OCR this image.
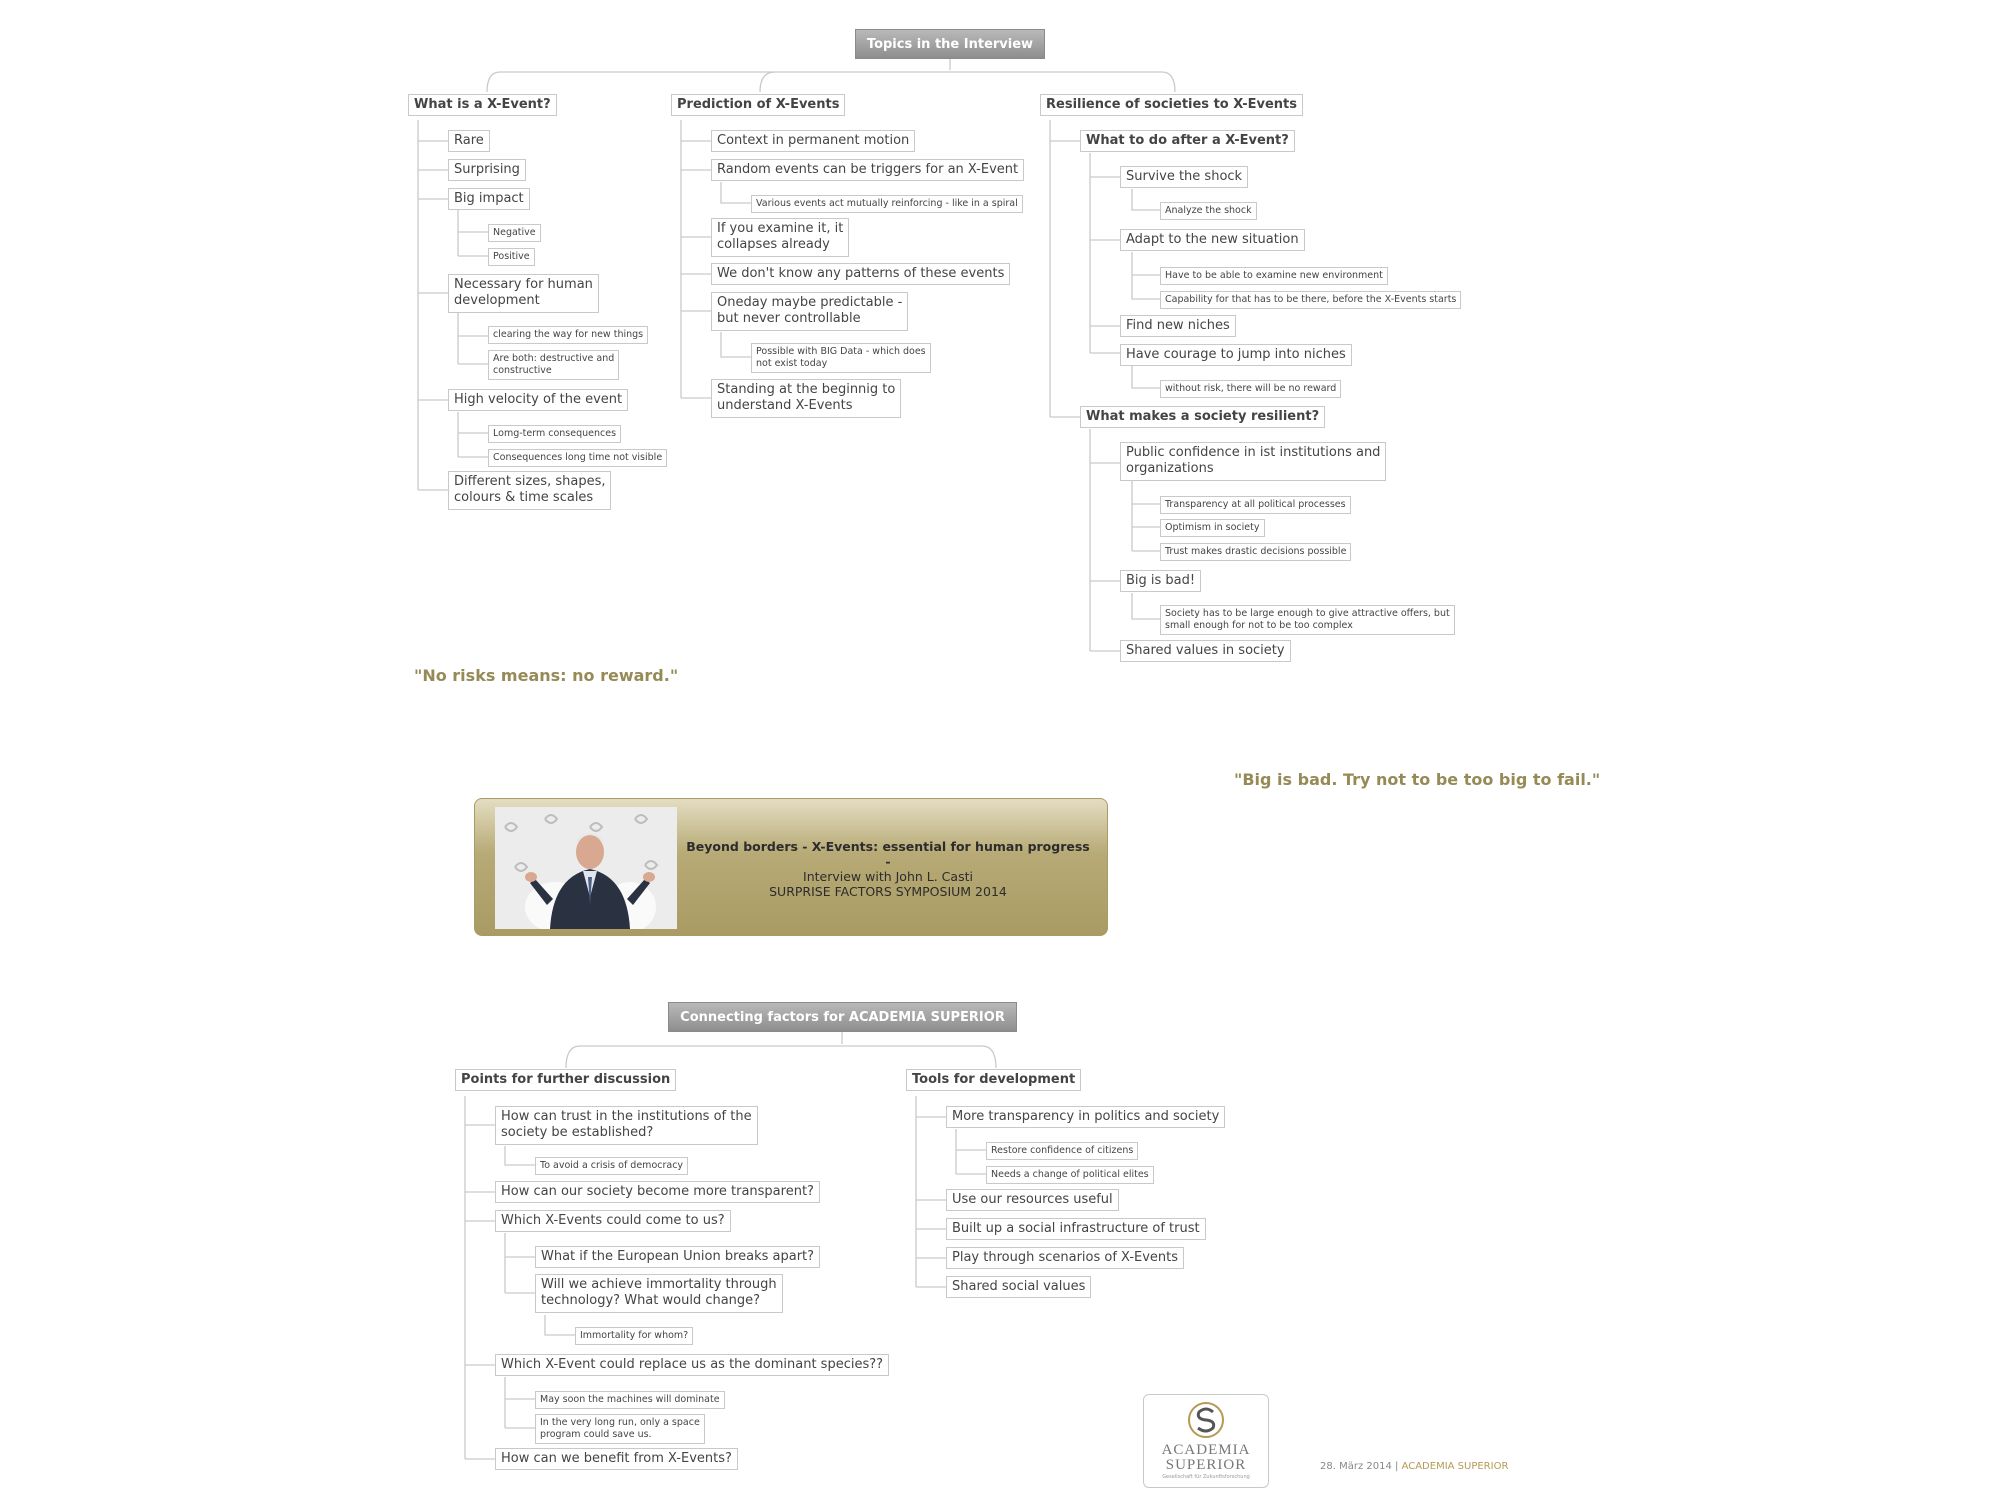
Topics in the Interview
What is a X-Event?
Rare
Surprising
Big impact
Negative
Positive
Necessary for human
development
clearing the way for new things
Are both: destructive and
constructive
High velocity of the event
Lomg-term consequences
Consequences long time not visible
Different sizes, shapes,
colours & time scales
Prediction of X-Events
Context in permanent motion
Random events can be triggers for an X-Event
Various events act mutually reinforcing - like in a spiral
If you examine it, it
collapses already
We don't know any patterns of these events
Oneday maybe predictable -
but never controllable
Possible with BIG Data - which does
not exist today
Standing at the beginnig to
understand X-Events
Resilience of societies to X-Events
What to do after a X-Event?
Survive the shock
Analyze the shock
Adapt to the new situation
Have to be able to examine new environment
Capability for that has to be there, before the X-Events starts
Find new niches
Have courage to jump into niches
without risk, there will be no reward
What makes a society resilient?
Public confidence in ist institutions and
organizations
Transparency at all political processes
Optimism in society
Trust makes drastic decisions possible
Big is bad!
Society has to be large enough to give attractive offers, but
small enough for not to be too complex
Shared values in society
"No risks means: no reward."
"Big is bad. Try not to be too big to fail."
Beyond borders - X-Events: essential for human progress
-
Interview with John L. Casti
SURPRISE FACTORS SYMPOSIUM 2014
Connecting factors for ACADEMIA SUPERIOR
Points for further discussion
How can trust in the institutions of the
society be established?
To avoid a crisis of democracy
How can our society become more transparent?
Which X-Events could come to us?
What if the European Union breaks apart?
Will we achieve immortality through
technology? What would change?
Immortality for whom?
Which X-Event could replace us as the dominant species??
May soon the machines will dominate
In the very long run, only a space
program could save us.
How can we benefit from X-Events?
Tools for development
More transparency in politics and society
Restore confidence of citizens
Needs a change of political elites
Use our resources useful
Built up a social infrastructure of trust
Play through scenarios of X-Events
Shared social values
ACADEMIA
SUPERIOR
Gesellschaft für Zukunftsforschung
28. März 2014 | ACADEMIA SUPERIOR
